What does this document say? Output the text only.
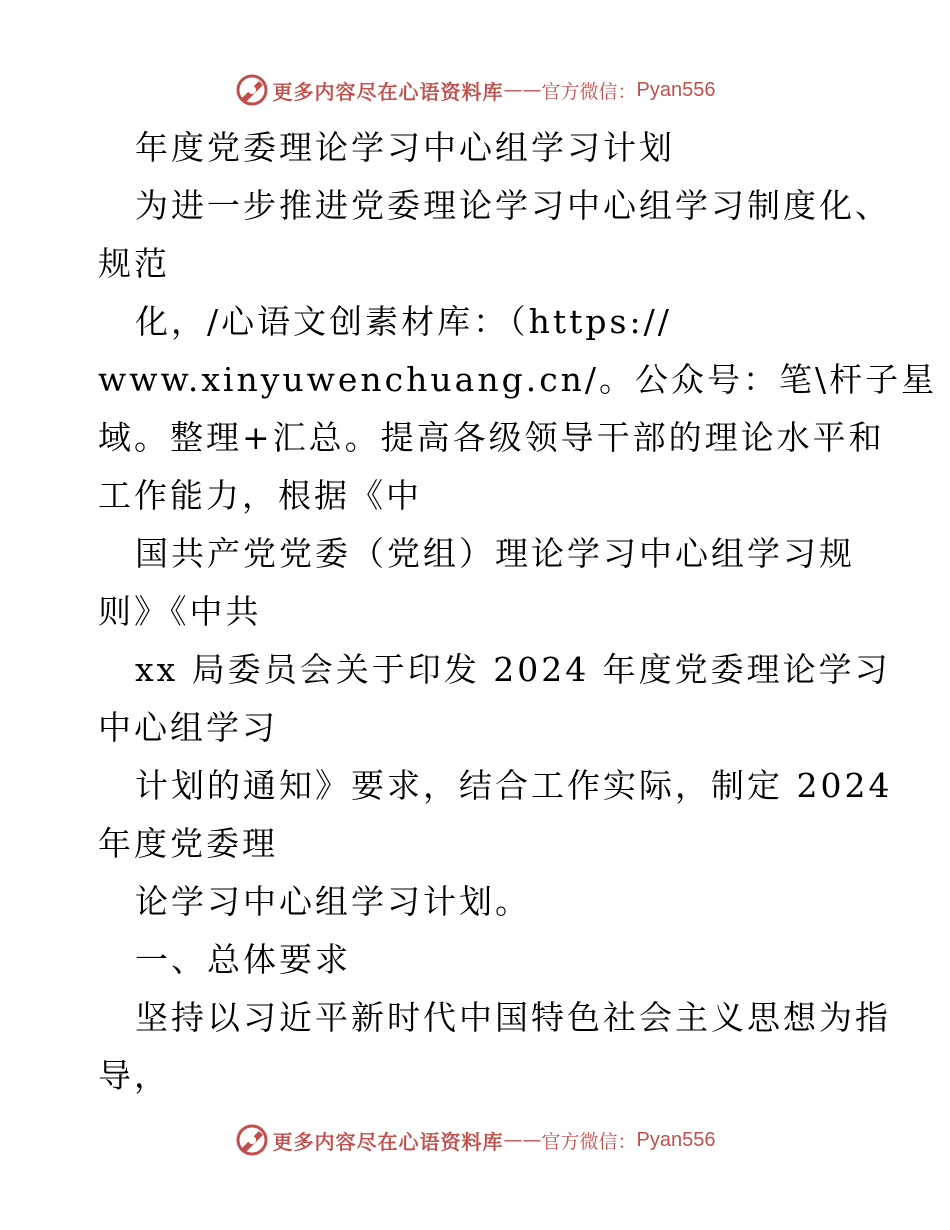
更多内容尽在心语资料库 —— 官方微信： Pyan556
年度党委理论学习中心组学习计划
为进一步推进党委理论学习中心组学习制度化、
规范
化，/心语文创素材库：（https://
www.xinyuwenchuang.cn/。公众号：笔\杆子星
域。整理+汇总。提高各级领导干部的理论水平和
工作能力，根据《中
国共产党党委（党组）理论学习中心组学习规
则》《中共
xx 局委员会关于印发 2024 年度党委理论学习
中心组学习
计划的通知》要求，结合工作实际，制定 2024
年度党委理
论学习中心组学习计划。
一、总体要求
坚持以习近平新时代中国特色社会主义思想为指
导，
更多内容尽在心语资料库 —— 官方微信： Pyan556
